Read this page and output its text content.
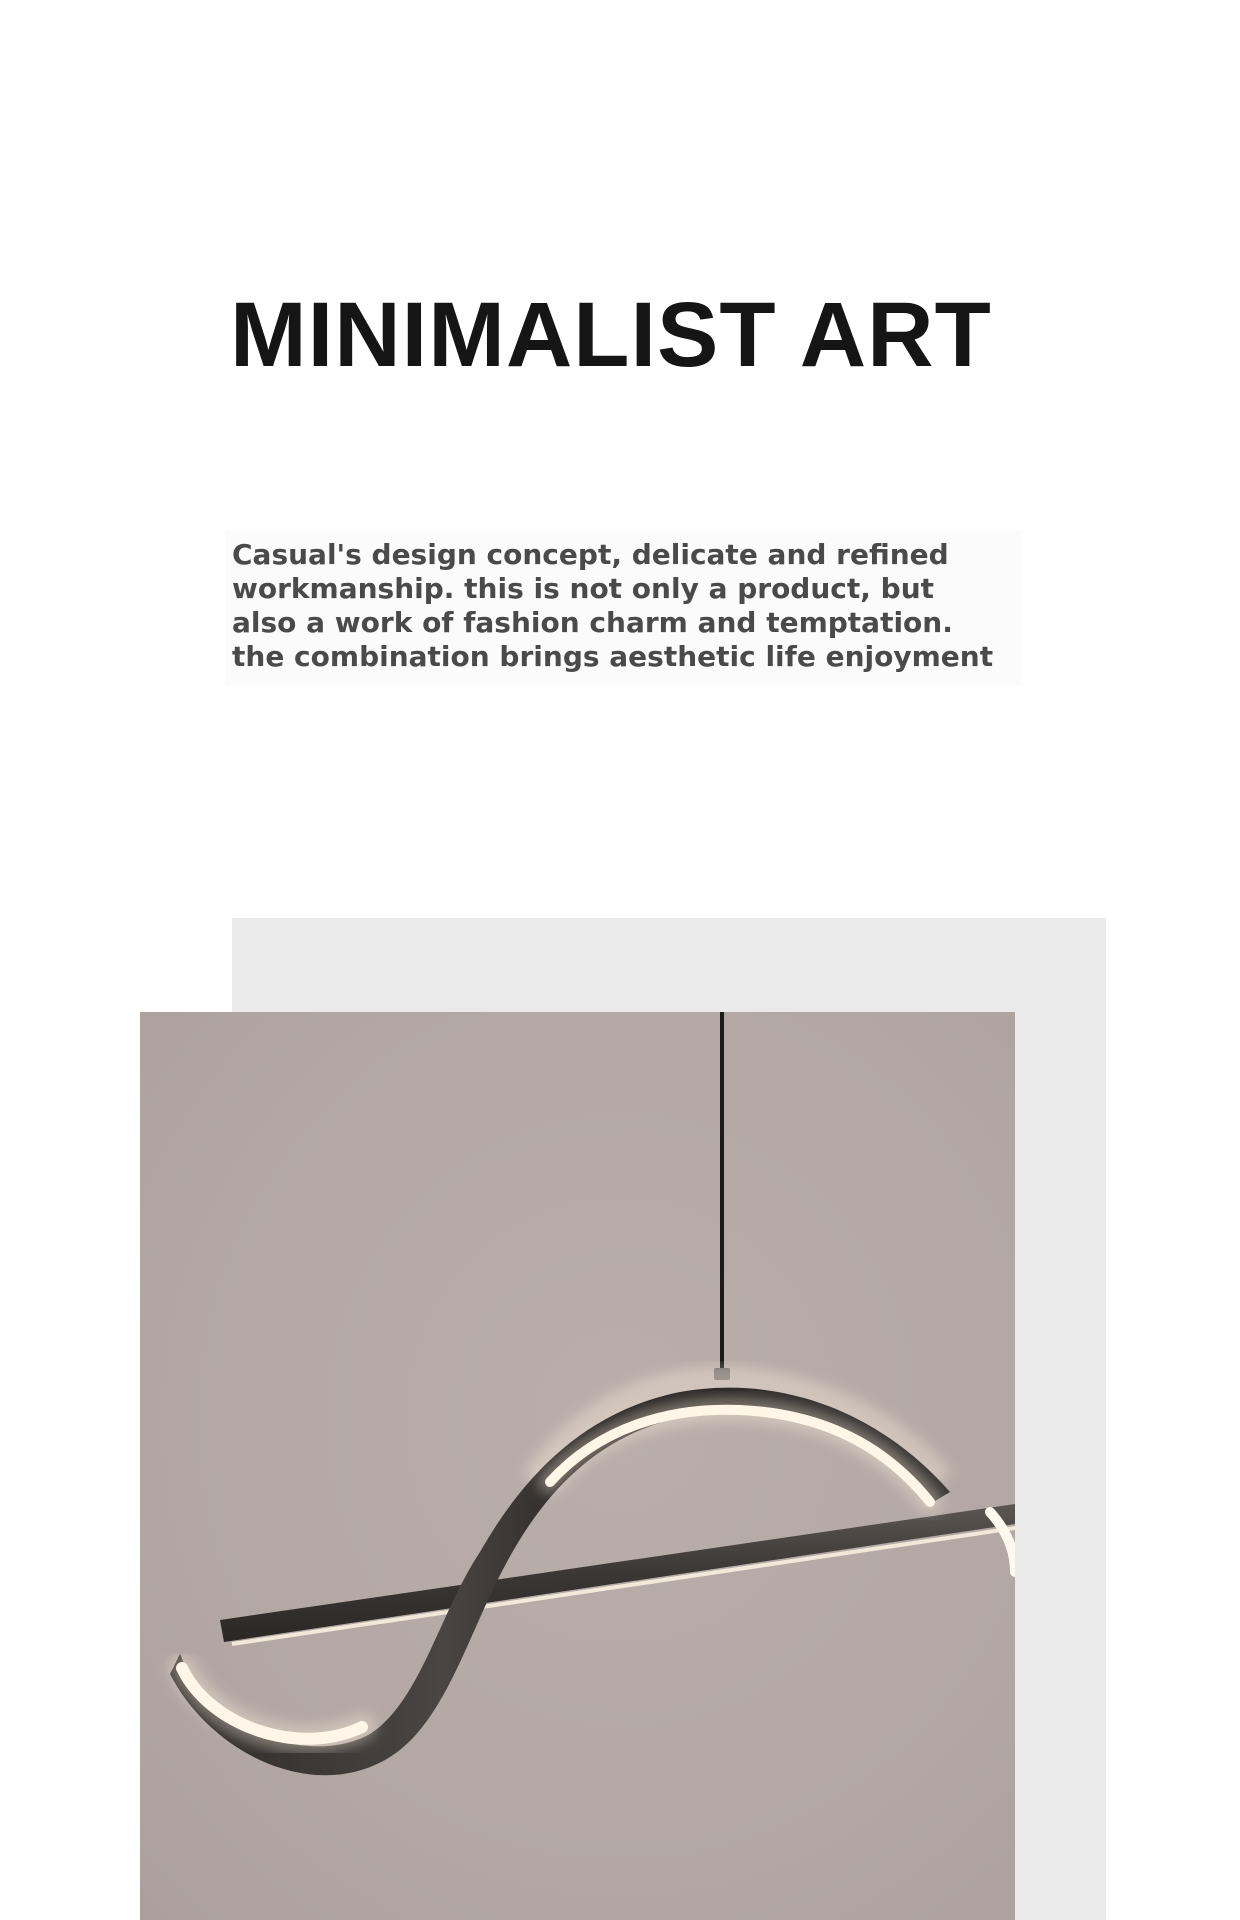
MINIMALIST ART
Casual's design concept, delicate and refined
workmanship. this is not only a product, but
also a work of fashion charm and temptation.
the combination brings aesthetic life enjoyment
